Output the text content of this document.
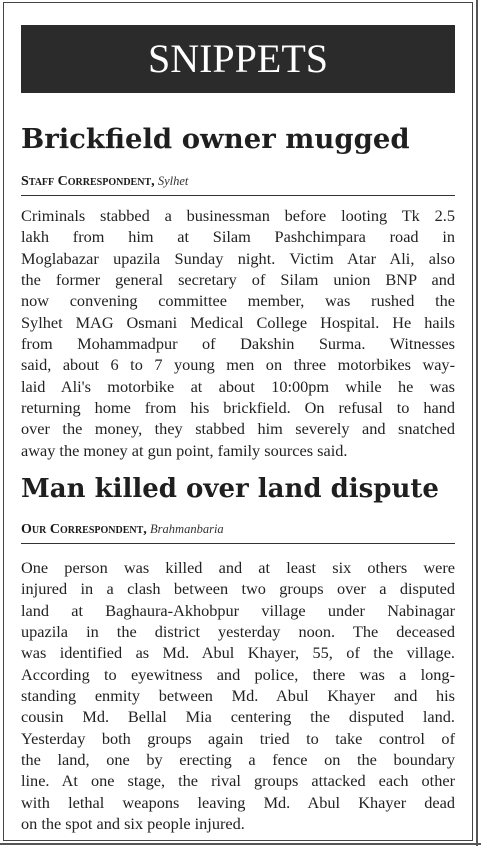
SNIPPETS
Brickfield owner mugged
Staff Correspondent, Sylhet
Criminals stabbed a businessman before looting Tk 2.5
lakh from him at Silam Pashchimpara road in
Moglabazar upazila Sunday night. Victim Atar Ali, also
the former general secretary of Silam union BNP and
now convening committee member, was rushed the
Sylhet MAG Osmani Medical College Hospital. He hails
from Mohammadpur of Dakshin Surma. Witnesses
said, about 6 to 7 young men on three motorbikes way-
laid Ali's motorbike at about 10:00pm while he was
returning home from his brickfield. On refusal to hand
over the money, they stabbed him severely and snatched
away the money at gun point, family sources said.
Man killed over land dispute
Our Correspondent, Brahmanbaria
One person was killed and at least six others were
injured in a clash between two groups over a disputed
land at Baghaura-Akhobpur village under Nabinagar
upazila in the district yesterday noon. The deceased
was identified as Md. Abul Khayer, 55, of the village.
According to eyewitness and police, there was a long-
standing enmity between Md. Abul Khayer and his
cousin Md. Bellal Mia centering the disputed land.
Yesterday both groups again tried to take control of
the land, one by erecting a fence on the boundary
line. At one stage, the rival groups attacked each other
with lethal weapons leaving Md. Abul Khayer dead
on the spot and six people injured.
